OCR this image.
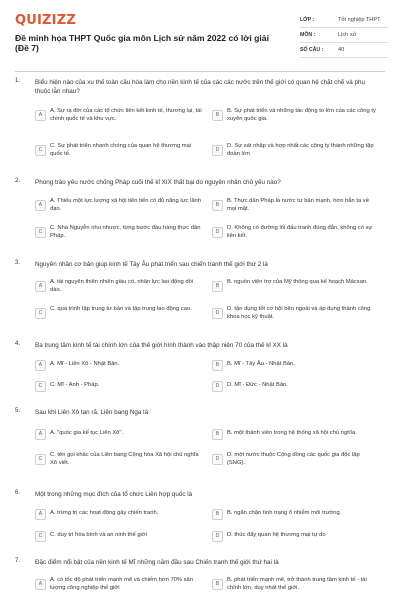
QUIZIZZ
Đề minh họa THPT Quốc gia môn Lịch sử năm 2022 có lời giải (Đề 7)
LỚP :	Tốt nghiệp THPT
MÔN :	Lịch sử
SỐ CÂU :	40
1. Biểu hiện nào của xu thế toàn cầu hóa làm cho nền kinh tế của các các nước trên thế giới có quan hệ chặt chẽ và phụ thuộc lẫn nhau?
A
A. Sự ra đời của các tổ chức liên kết kinh tế, thương lại, tài chính quốc tế và khu vực.
B
B. Sự phát triển và những tác động to lớn của các công ty xuyên quốc gia.
C
C. Sự phát triển nhanh chóng của quan hệ thương mại quốc tế.
D
D. Sự sát nhập và hợp nhất các công ty thành những tập đoàn lớn
2. Phong trào yêu nước chống Pháp cuối thế kỉ XIX thất bại do nguyên nhân chủ yếu nào?
A
A. Thiếu một lực lượng xã hội tiên tiến có đủ năng lực lãnh đạo.
B
B. Thực dân Pháp là nước tư bản mạnh, hơn hẳn ta về mọi mặt.
C
C. Nhà Nguyễn nhu nhược, từng bước đầu hàng thực dân Pháp.
D
D. Không có đường lối đấu tranh đúng đắn, không có sự liên kết.
3. Nguyên nhân cơ bản giúp kinh tế Tây Âu phát triển sau chiến tranh thế giới thứ 2 là
A
A. tài nguyên thiên nhiên giàu có, nhân lực lao động dồi dào.
B
B. nguồn viện trợ của Mỹ thông qua kế hoạch Mácsan.
C
C. quá trình tập trung tư bản và tập trung lao động cao.
D
D. tận dụng tốt cơ hội bên ngoài và áp dụng thành công khoa học kỹ thuật.
4. Ba trung tâm kinh tế tài chính lớn của thế giới hình thành vào thập niên 70 của thế kỉ XX là
A	A. Mĩ - Liên Xô - Nhật Bản.	B	B. Mĩ - Tây Âu - Nhật Bản.
C	C. Mĩ - Anh - Pháp.	D	D. Mĩ - Đức - Nhật Bản.
5. Sau khi Liên Xô tan rã, Liên bang Nga là
A	A. "quốc gia kế tục Liên Xô".	B	B. một thành viên trong hệ thống xã hội chủ nghĩa.
C
C. tên gọi khác của Liên bang Cộng hòa Xã hội chủ nghĩa Xô viết.
D
D. một nước thuộc Cộng đồng các quốc gia độc lập (SNG).
6. Một trong những mục đích của tổ chức Liên hợp quốc là
A	A. trừng trị các hoạt động gây chiến tranh.	B	B. ngăn chặn tình trạng ô nhiễm môi trường.
C	C. duy trì hòa bình và an ninh thế giới	D	D. thúc đẩy quan hệ thương mại tự do
7. Đặc điểm nổi bật của nền kinh tế Mĩ những năm đầu sau Chiến tranh thế giới thứ hai là
A
A. có tốc độ phát triển mạnh mẽ và chiếm hơn 70% sản lượng công nghiệp thế giới
B
B. phát triển mạnh mẽ, trở thành trung tâm kinh tế - tài chính lớn, duy nhất thế giới.
